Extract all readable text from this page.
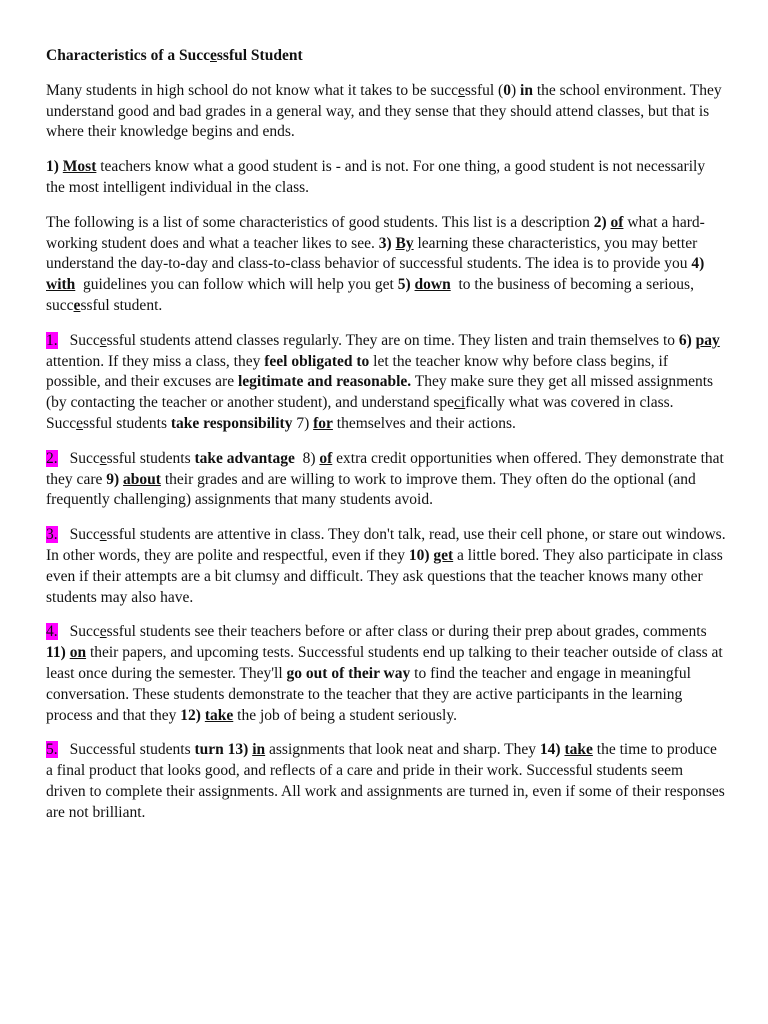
Characteristics of a Successful Student

Many students in high school do not know what it takes to be successful (0) in the school environment. They understand good and bad grades in a general way, and they sense that they should attend classes, but that is where their knowledge begins and ends.

1) Most teachers know what a good student is - and is not. For one thing, a good student is not necessarily the most intelligent individual in the class.

The following is a list of some characteristics of good students. This list is a description 2) of what a hard-working student does and what a teacher likes to see. 3) By learning these characteristics, you may better understand the day-to-day and class-to-class behavior of successful students. The idea is to provide you 4) with  guidelines you can follow which will help you get 5) down  to the business of becoming a serious, successful student.

1. Successful students attend classes regularly. They are on time. They listen and train themselves to 6) pay  attention. If they miss a class, they feel obligated to let the teacher know why before class begins, if possible, and their excuses are legitimate and reasonable. They make sure they get all missed assignments (by contacting the teacher or another student), and understand specifically what was covered in class. Successful students take responsibility 7) for themselves and their actions.

2. Successful students take advantage  8) of extra credit opportunities when offered. They demonstrate that they care 9) about their grades and are willing to work to improve them. They often do the optional (and frequently challenging) assignments that many students avoid.

3. Successful students are attentive in class. They don't talk, read, use their cell phone, or stare out windows. In other words, they are polite and respectful, even if they 10) get a little bored. They also participate in class even if their attempts are a bit clumsy and difficult. They ask questions that the teacher knows many other students may also have.

4. Successful students see their teachers before or after class or during their prep about grades, comments 11) on their papers, and upcoming tests. Successful students end up talking to their teacher outside of class at least once during the semester. They'll go out of their way to find the teacher and engage in meaningful conversation. These students demonstrate to the teacher that they are active participants in the learning process and that they 12) take the job of being a student seriously.

5. Successful students turn 13) in assignments that look neat and sharp. They 14) take the time to produce a final product that looks good, and reflects of a care and pride in their work. Successful students seem driven to complete their assignments. All work and assignments are turned in, even if some of their responses are not brilliant.
